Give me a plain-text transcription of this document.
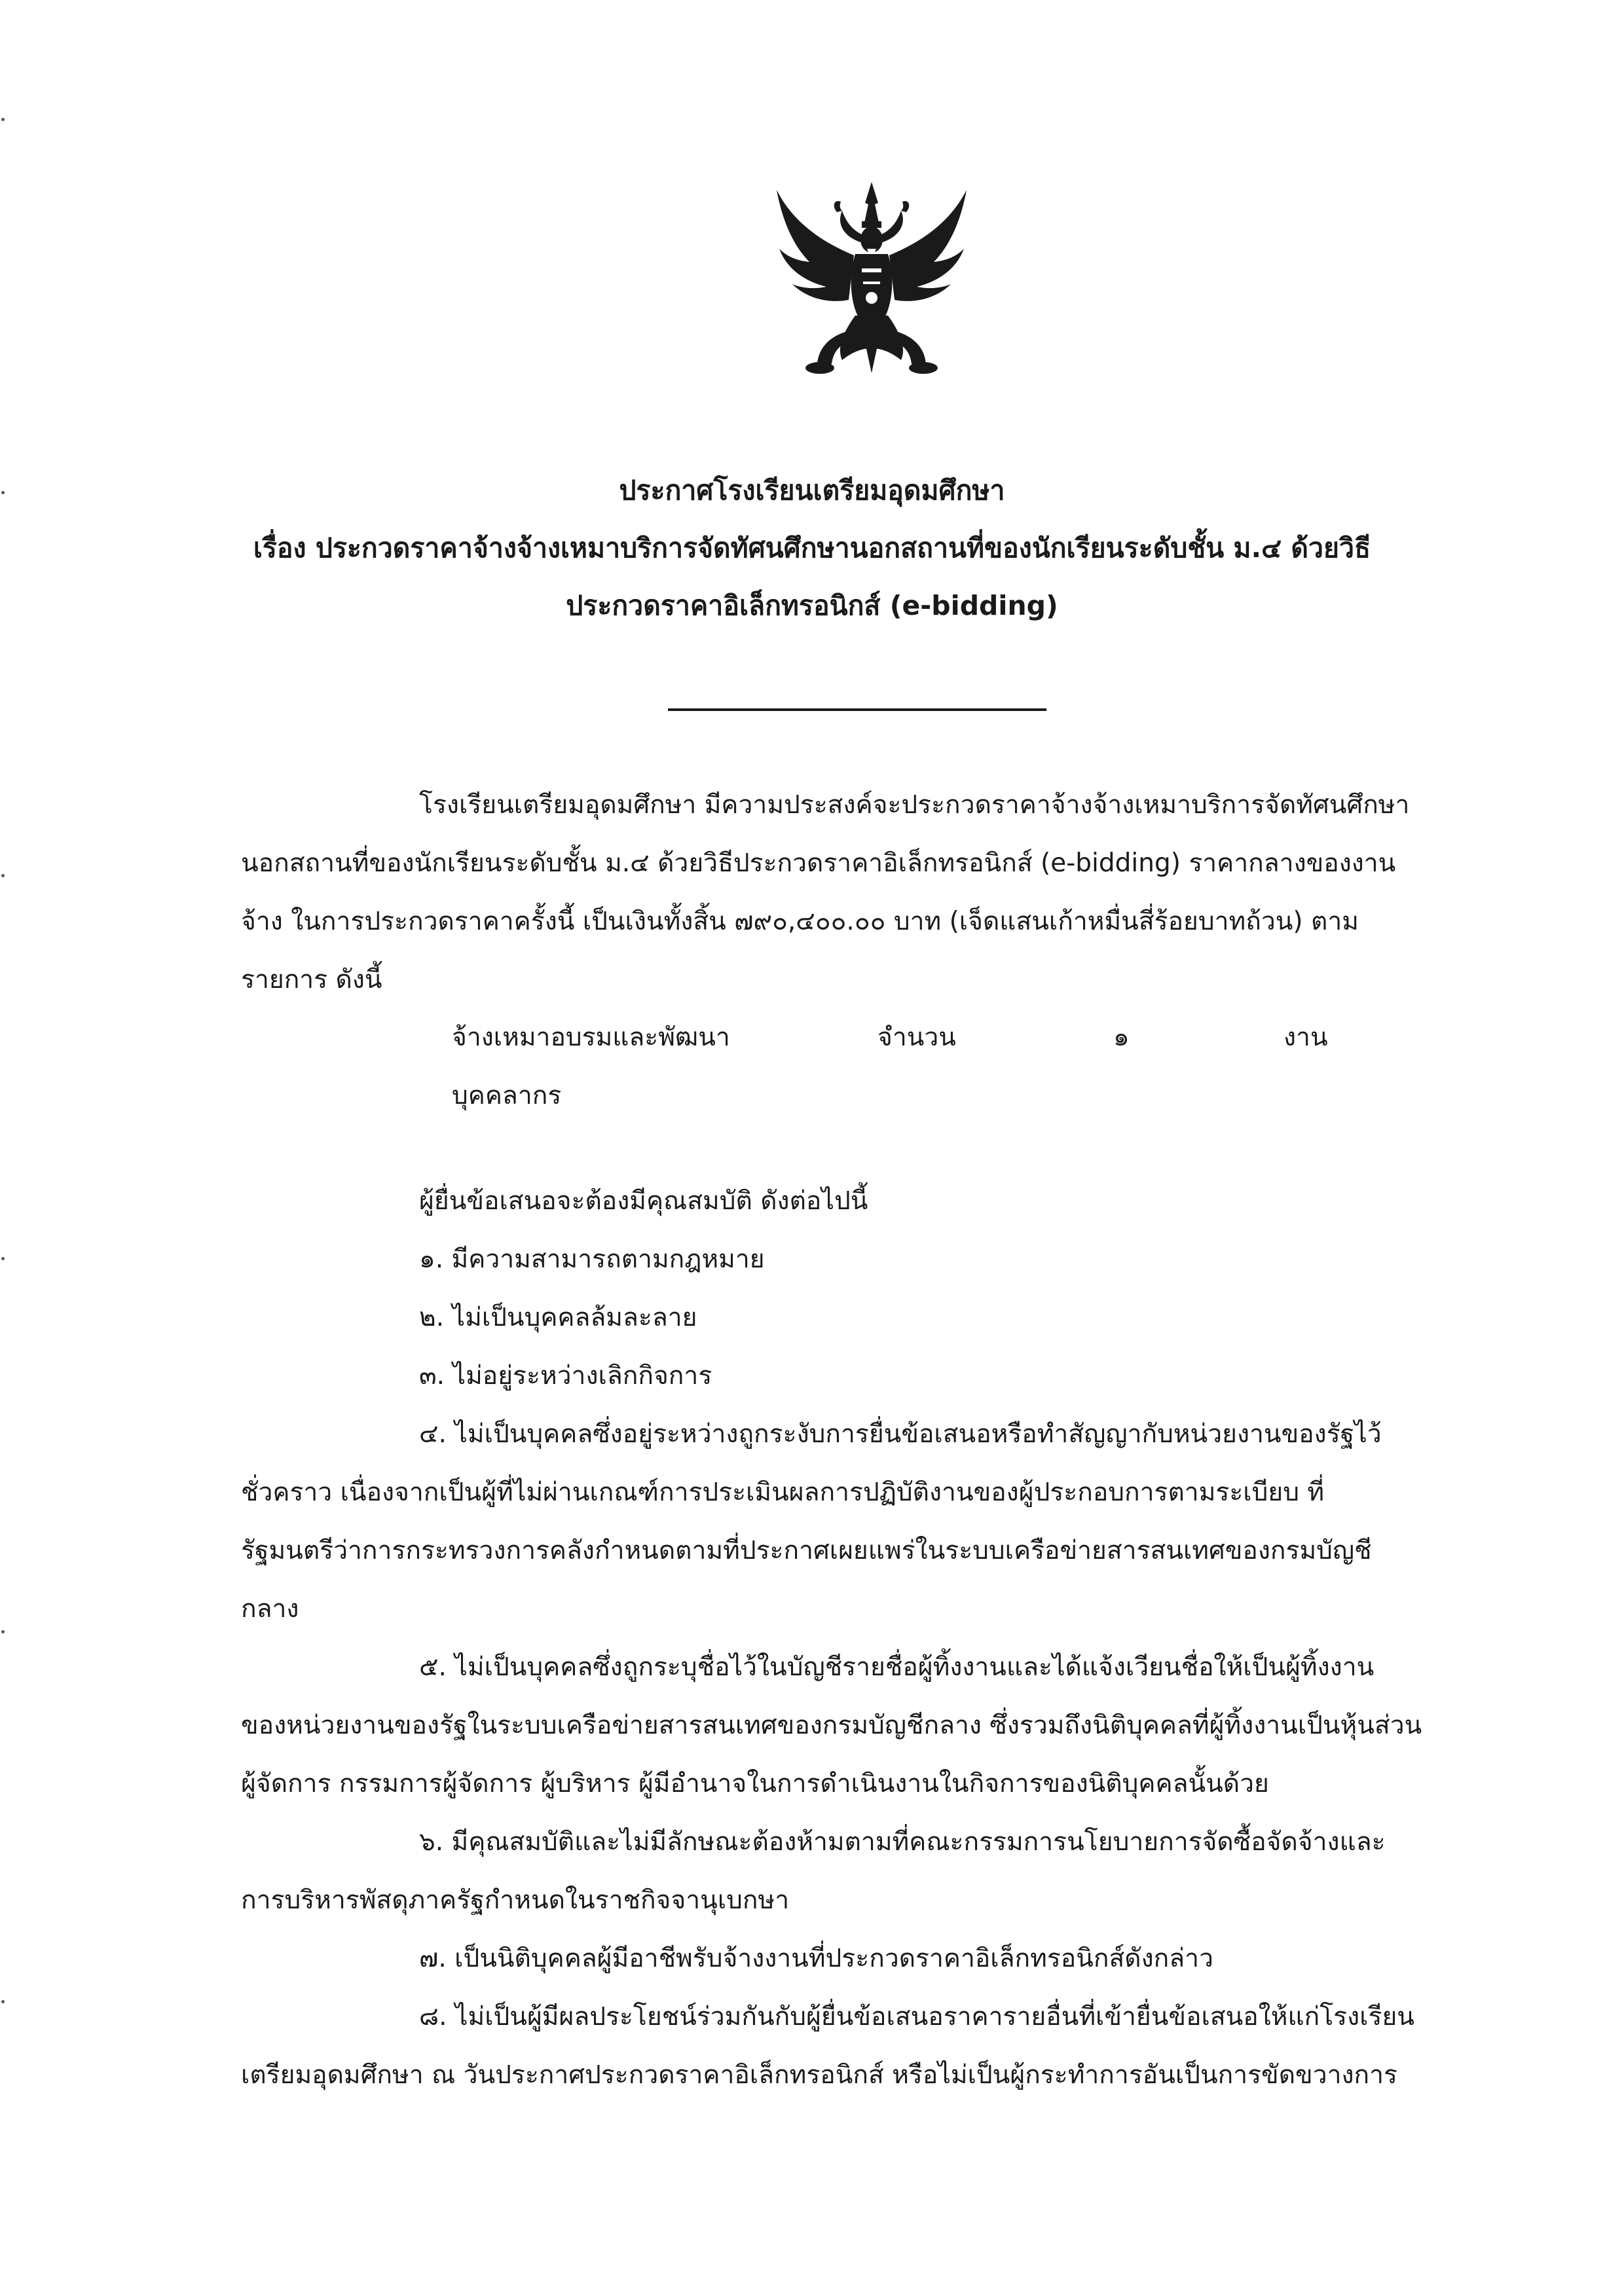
ประกาศโรงเรียนเตรียมอุดมศึกษา
เรื่อง ประกวดราคาจ้างจ้างเหมาบริการจัดทัศนศึกษานอกสถานที่ของนักเรียนระดับชั้น ม.๔ ด้วยวิธี
ประกวดราคาอิเล็กทรอนิกส์ (e-bidding)
โรงเรียนเตรียมอุดมศึกษา มีความประสงค์จะประกวดราคาจ้างจ้างเหมาบริการจัดทัศนศึกษา
นอกสถานที่ของนักเรียนระดับชั้น ม.๔ ด้วยวิธีประกวดราคาอิเล็กทรอนิกส์ (e-bidding) ราคากลางของงาน
จ้าง ในการประกวดราคาครั้งนี้ เป็นเงินทั้งสิ้น ๗๙๐,๔๐๐.๐๐ บาท (เจ็ดแสนเก้าหมื่นสี่ร้อยบาทถ้วน) ตาม
รายการ ดังนี้
จ้างเหมาอบรมและพัฒนา	จำนวน	๑	งาน
บุคคลากร
ผู้ยื่นข้อเสนอจะต้องมีคุณสมบัติ ดังต่อไปนี้
๑. มีความสามารถตามกฎหมาย
๒. ไม่เป็นบุคคลล้มละลาย
๓. ไม่อยู่ระหว่างเลิกกิจการ
๔. ไม่เป็นบุคคลซึ่งอยู่ระหว่างถูกระงับการยื่นข้อเสนอหรือทำสัญญากับหน่วยงานของรัฐไว้
ชั่วคราว เนื่องจากเป็นผู้ที่ไม่ผ่านเกณฑ์การประเมินผลการปฏิบัติงานของผู้ประกอบการตามระเบียบ ที่
รัฐมนตรีว่าการกระทรวงการคลังกำหนดตามที่ประกาศเผยแพร่ในระบบเครือข่ายสารสนเทศของกรมบัญชี
กลาง
๕. ไม่เป็นบุคคลซึ่งถูกระบุชื่อไว้ในบัญชีรายชื่อผู้ทิ้งงานและได้แจ้งเวียนชื่อให้เป็นผู้ทิ้งงาน
ของหน่วยงานของรัฐในระบบเครือข่ายสารสนเทศของกรมบัญชีกลาง ซึ่งรวมถึงนิติบุคคลที่ผู้ทิ้งงานเป็นหุ้นส่วน
ผู้จัดการ กรรมการผู้จัดการ ผู้บริหาร ผู้มีอำนาจในการดำเนินงานในกิจการของนิติบุคคลนั้นด้วย
๖. มีคุณสมบัติและไม่มีลักษณะต้องห้ามตามที่คณะกรรมการนโยบายการจัดซื้อจัดจ้างและ
การบริหารพัสดุภาครัฐกำหนดในราชกิจจานุเบกษา
๗. เป็นนิติบุคคลผู้มีอาชีพรับจ้างงานที่ประกวดราคาอิเล็กทรอนิกส์ดังกล่าว
๘. ไม่เป็นผู้มีผลประโยชน์ร่วมกันกับผู้ยื่นข้อเสนอราคารายอื่นที่เข้ายื่นข้อเสนอให้แก่โรงเรียน
เตรียมอุดมศึกษา ณ วันประกาศประกวดราคาอิเล็กทรอนิกส์ หรือไม่เป็นผู้กระทำการอันเป็นการขัดขวางการ
